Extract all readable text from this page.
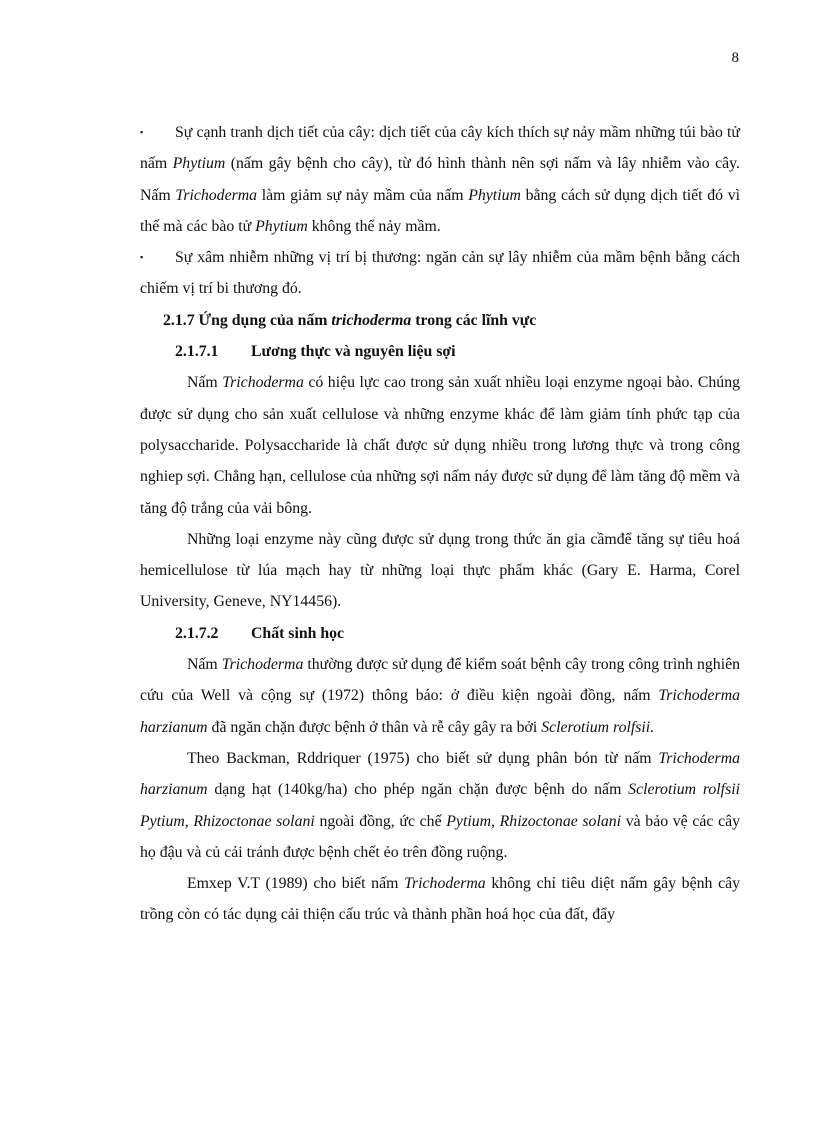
8

▪ Sự cạnh tranh dịch tiết của cây: dịch tiết của cây kích thích sự nảy mầm những túi bào tử nấm Phytium (nấm gây bệnh cho cây), từ đó hình thành nên sợi nấm và lây nhiễm vào cây. Nấm Trichoderma làm giảm sự nảy mầm của nấm Phytium bằng cách sử dụng dịch tiết đó vì thế mà các bào tử Phytium không thể nảy mầm.

▪ Sự xâm nhiễm những vị trí bị thương: ngăn cản sự lây nhiễm của mầm bệnh bằng cách chiếm vị trí bi thương đó.

2.1.7 Ứng dụng của nấm trichoderma trong các lĩnh vực

2.1.7.1 Lương thực và nguyên liệu sợi

Nấm Trichoderma có hiệu lực cao trong sản xuất nhiều loại enzyme ngoại bào. Chúng được sử dụng cho sản xuất cellulose và những enzyme khác để làm giảm tính phức tạp của polysaccharide. Polysaccharide là chất được sử dụng nhiều trong lương thực và trong công nghiep sợi. Chẳng hạn, cellulose của những sợi nấm náy được sử dụng để làm tăng độ mềm và tăng độ trắng của vải bông.

Những loại enzyme này cũng được sử dụng trong thức ăn gia cầmđể tăng sự tiêu hoá hemicellulose từ lúa mạch hay từ những loại thực phẩm khác (Gary E. Harma, Corel University, Geneve, NY14456).

2.1.7.2 Chất sinh học

Nấm Trichoderma thường được sử dụng để kiểm soát bệnh cây trong công trình nghiên cứu của Well và cộng sự (1972) thông báo: ở điều kiện ngoài đồng, nấm Trichoderma harzianum đã ngăn chặn được bệnh ở thân và rễ cây gây ra bởi Sclerotium rolfsii.

Theo Backman, Rddriquer (1975) cho biết sử dụng phân bón từ nấm Trichoderma harzianum dạng hạt (140kg/ha) cho phép ngăn chặn được bệnh do nấm Sclerotium rolfsii Pytium, Rhizoctonae solani ngoài đồng, ức chế Pytium, Rhizoctonae solani và bảo vệ các cây họ đậu và củ cải tránh được bệnh chết ẻo trên đồng ruộng.

Emxep V.T (1989) cho biết nấm Trichoderma không chỉ tiêu diệt nấm gây bệnh cây trồng còn có tác dụng cải thiện cấu trúc và thành phần hoá học của đất, đẩy
